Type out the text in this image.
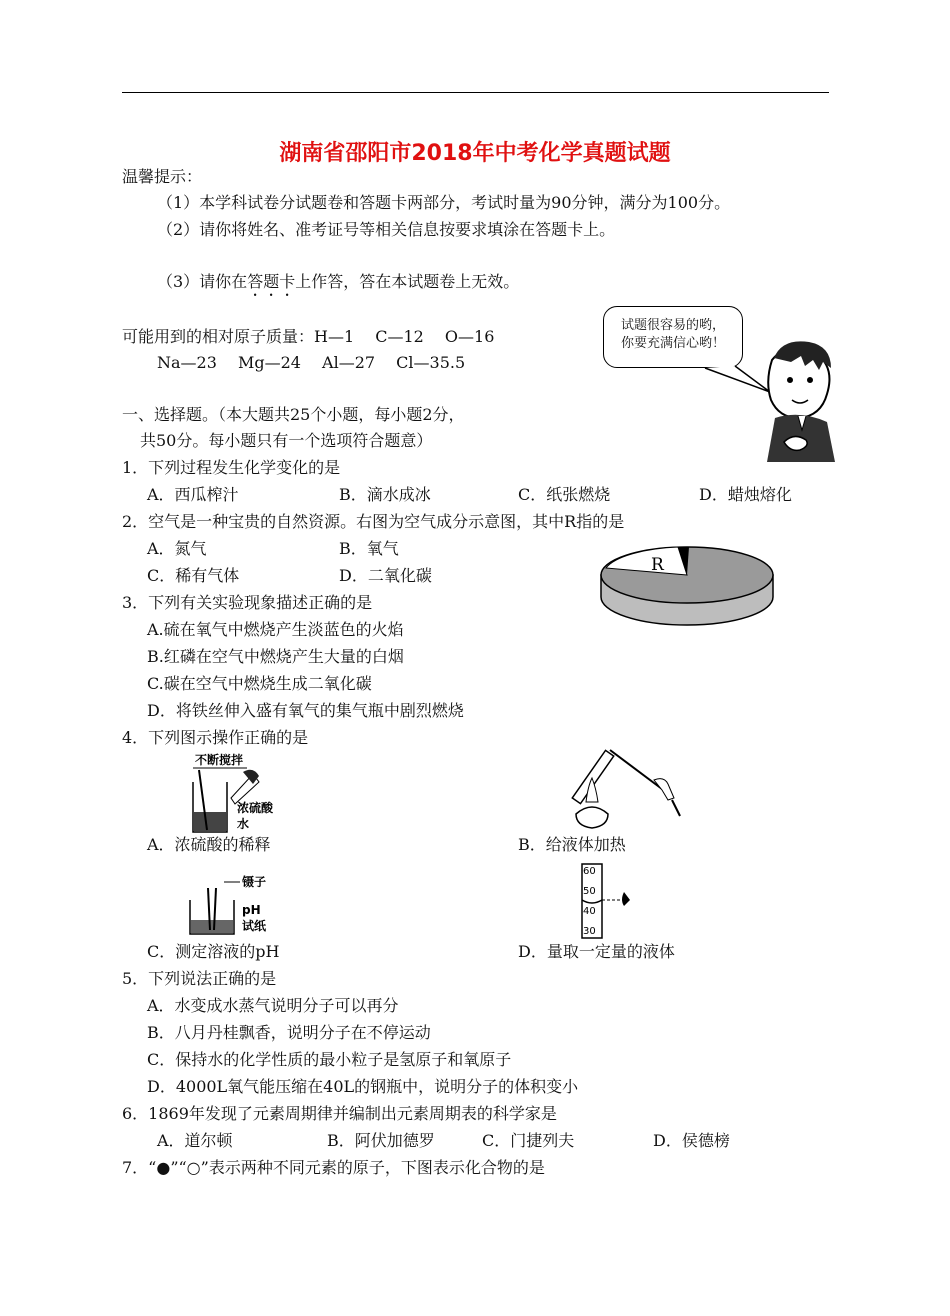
湖南省邵阳市2018年中考化学真题试题
温馨提示：
（1）本学科试卷分试题卷和答题卡两部分，考试时量为90分钟，满分为100分。
（2）请你将姓名、准考证号等相关信息按要求填涂在答题卡上。
（3）请你在答题卡上作答，答在本试题卷上无效。
可能用到的相对原子质量：H—1　 C—12　 O—16
Na—23　 Mg—24　 Al—27　 Cl—35.5
试题很容易的哟，
你要充满信心哟！
一、选择题。（本大题共25个小题，每小题2分，
共50分。每小题只有一个选项符合题意）
1．下列过程发生化学变化的是
A．西瓜榨汁	B．滴水成冰	C．纸张燃烧	D．蜡烛熔化
2．空气是一种宝贵的自然资源。右图为空气成分示意图，其中R指的是
A．氮气	B．氧气
C．稀有气体	D．二氧化碳
R
3．下列有关实验现象描述正确的是
A.硫在氧气中燃烧产生淡蓝色的火焰
B.红磷在空气中燃烧产生大量的白烟
C.碳在空气中燃烧生成二氧化碳
D．将铁丝伸入盛有氧气的集气瓶中剧烈燃烧
4．下列图示操作正确的是
不断搅拌
浓硫酸
水
A．浓硫酸的稀释	B．给液体加热
镊子
pH
试纸
C．测定溶液的pH
60
50
40
30
D．量取一定量的液体
5．下列说法正确的是
A．水变成水蒸气说明分子可以再分
B．八月丹桂飘香，说明分子在不停运动
C．保持水的化学性质的最小粒子是氢原子和氧原子
D．4000L氧气能压缩在40L的钢瓶中，说明分子的体积变小
6．1869年发现了元素周期律并编制出元素周期表的科学家是
A．道尔顿	B．阿伏加德罗	C．门捷列夫	D．侯德榜
7．“●”“○”表示两种不同元素的原子，下图表示化合物的是
